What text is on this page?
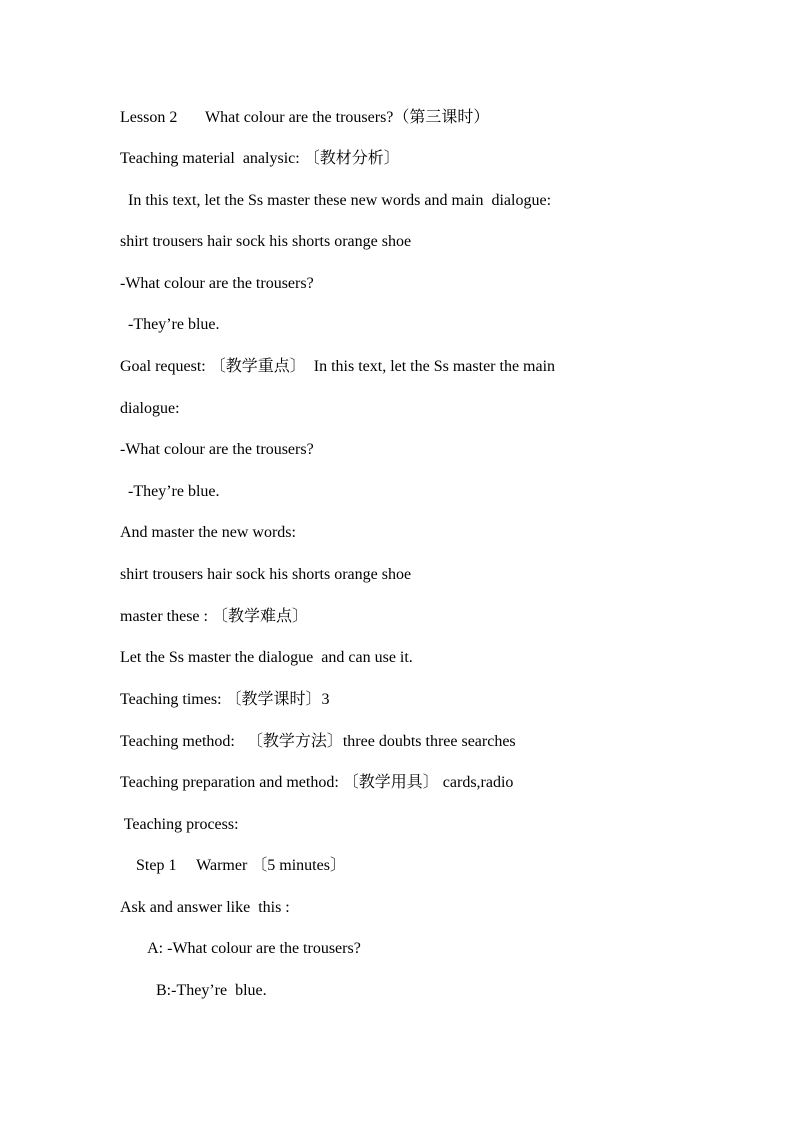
Lesson 2       What colour are the trousers?（第三课时）
Teaching material  analysic: 〔教材分析〕
In this text, let the Ss master these new words and main  dialogue:
shirt trousers hair sock his shorts orange shoe
-What colour are the trousers?
-They’re blue.
Goal request: 〔教学重点〕  In this text, let the Ss master the main
dialogue:
-What colour are the trousers?
-They’re blue.
And master the new words:
shirt trousers hair sock his shorts orange shoe
master these : 〔教学难点〕
Let the Ss master the dialogue  and can use it.
Teaching times: 〔教学课时〕3
Teaching method:   〔教学方法〕three doubts three searches
Teaching preparation and method: 〔教学用具〕 cards,radio
Teaching process:
Step 1     Warmer 〔5 minutes〕
Ask and answer like  this :
A: -What colour are the trousers?
B:-They’re  blue.
